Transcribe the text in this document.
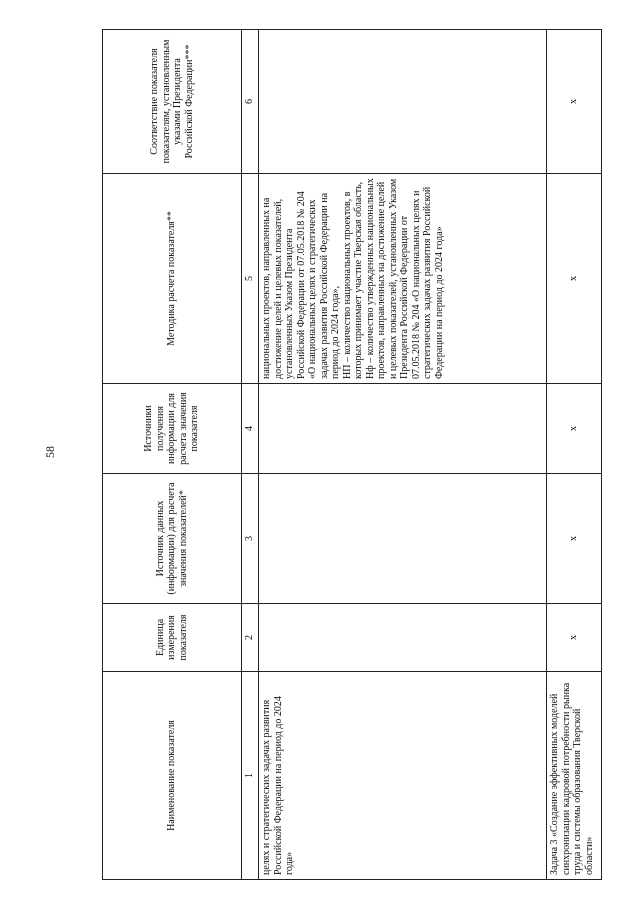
58
Наименование показателя	Единица измерения показателя	Источник данных (информации) для расчета значения показателей*	Источники получения информации для расчета значения показателя	Методика расчета показателя**	Соответствие показателя показателям, установленным указами Президента Российской Федерации***
1	2	3	4	5	6
целях и стратегических задачах развития Российской Федерации на период до 2024 года»				национальных проектов, направленных на достижение целей и целевых показателей, установленных Указом Президента Российской Федерации от 07.05.2018 № 204 «О национальных целях и стратегических задачах развития Российской Федерации на период до 2024 года»,
НП – количество национальных проектов, в которых принимает участие Тверская область,
Нф – количество утвержденных национальных проектов, направленных на достижение целей и целевых показателей, установленных Указом Президента Российской Федерации от 07.05.2018 № 204 «О национальных целях и стратегических задачах развития Российской Федерации на период до 2024 года»	
Задача 3 «Создание эффективных моделей синхронизации кадровой потребности рынка труда и системы образования Тверской области»	x	x	x	x	x
